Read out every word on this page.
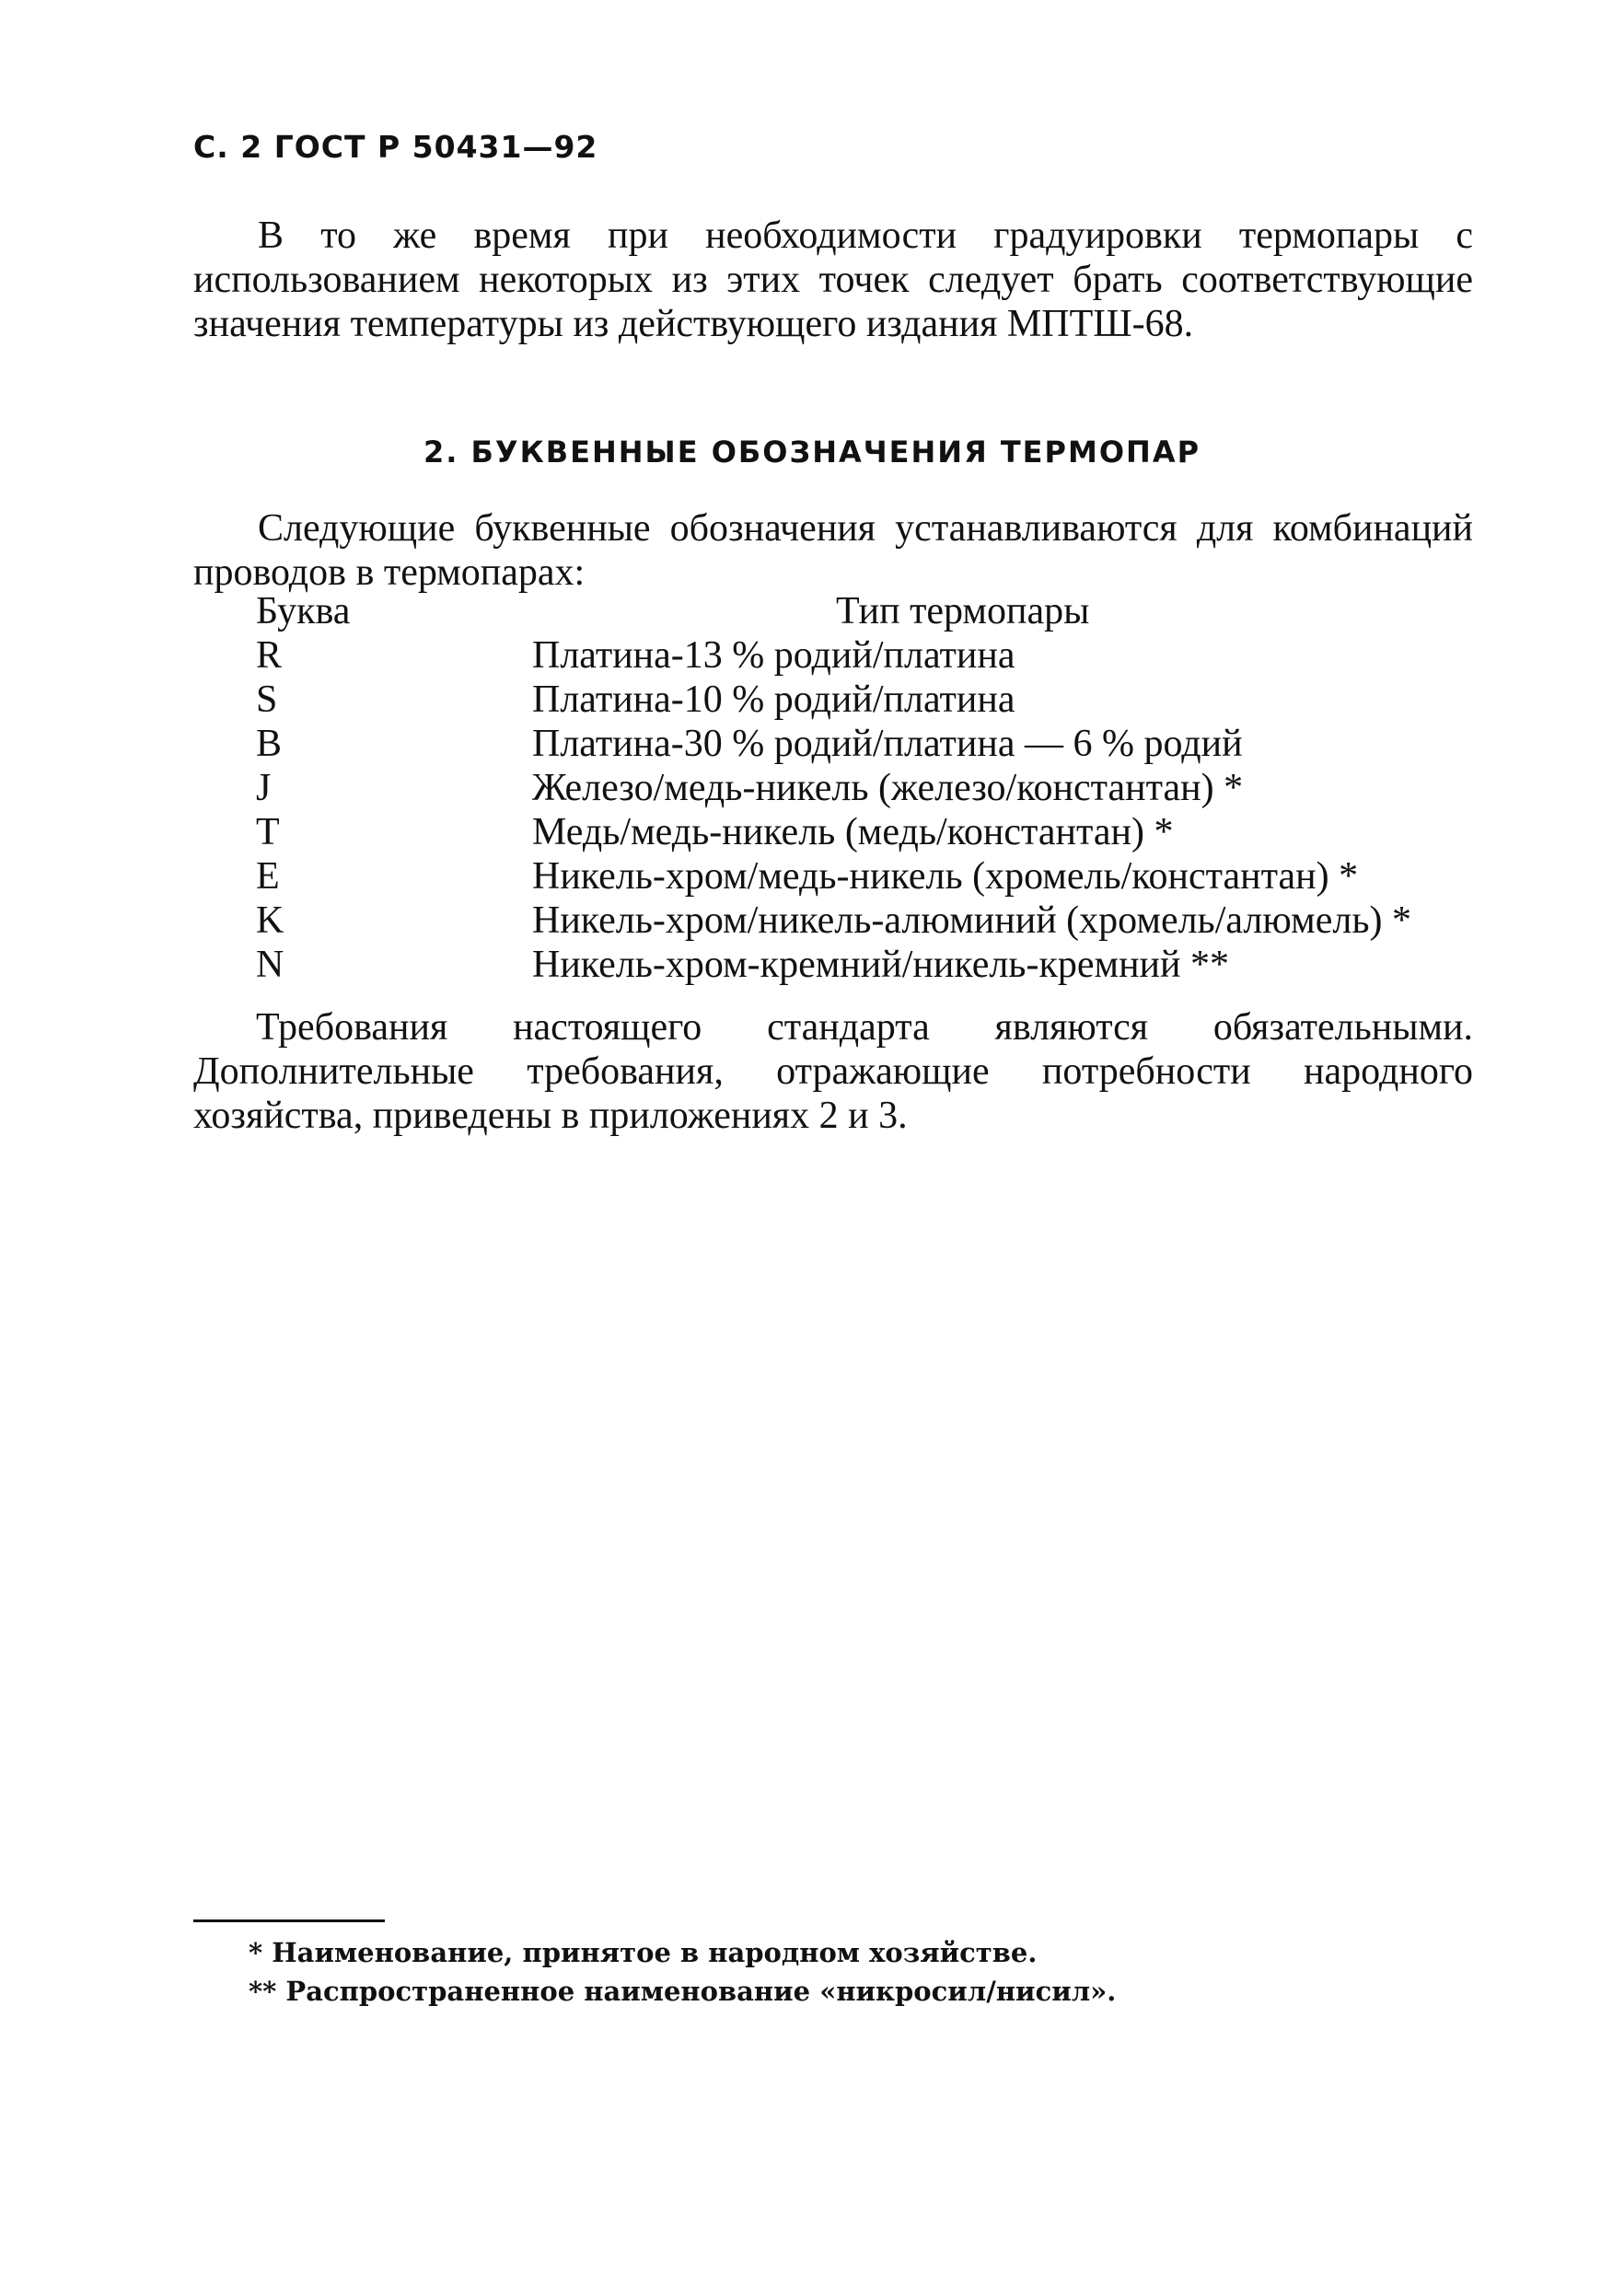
С. 2 ГОСТ Р 50431—92
В то же время при необходимости градуировки термопары с использованием некоторых из этих точек следует брать соответствующие значения температуры из действующего издания МПТШ-68.
2. БУКВЕННЫЕ ОБОЗНАЧЕНИЯ ТЕРМОПАР
Следующие буквенные обозначения устанавливаются для комбинаций проводов в термопарах:
Буква	Тип термопары
R	Платина-13 % родий/платина
S	Платина-10 % родий/платина
B	Платина-30 % родий/платина — 6 % родий
J	Железо/медь-никель (железо/константан) *
T	Медь/медь-никель (медь/константан) *
E	Никель-хром/медь-никель (хромель/константан) *
K	Никель-хром/никель-алюминий (хромель/алюмель) *
N	Никель-хром-кремний/никель-кремний **
Требования настоящего стандарта являются обязательными.
Дополнительные требования, отражающие потребности народного хозяйства, приведены в приложениях 2 и 3.
* Наименование, принятое в народном хозяйстве.
** Распространенное наименование «никросил/нисил».
